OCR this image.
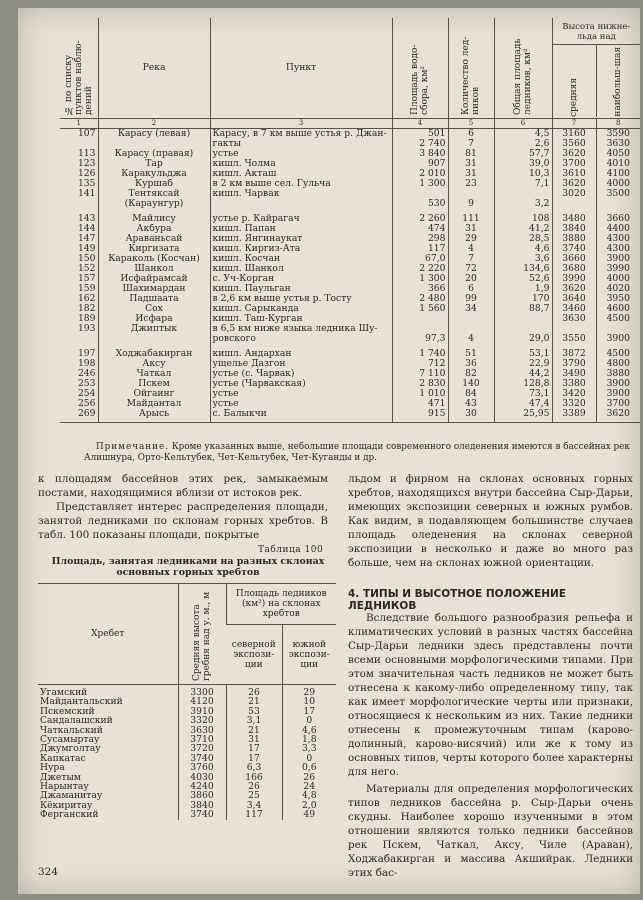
№ по списку пунктов наблю-дений	Река	Пункт	Площадь водо-сбора, км²	Количество лед-ников	Общая площадь ледников, км²	Высота нижне-льда над
средняя наибольш-шая	

1	2	3	4	5	6	7	8
107	Карасу (левая)	Карасу, в 7 км выше устья р. Джан-	501	6	4,5	3160	3590
		гакты	2 740	7	2,6	3560	3630
113	Карасу (правая)	устье	3 840	81	57,7	3620	4050
123	Тар	кишл. Чолма	907	31	39,0	3700	4010
126	Каракульджа	кишл. Акташ	2 010	31	10,3	3610	4100
135	Куршаб	в 2 км выше сел. Гульча	1 300	23	7,1	3620	4000
141	Тентяксай	кишл. Чарвак				3020	3500
	(Караунгур)		530	9	3,2		
143	Майлису	устье р. Кайрагач	2 260	111	108	3480	3660
144	Акбура	кишл. Папан	474	31	41,2	3840	4400
147	Араваньсай	кишл. Янгинаукат	298	29	28,5	3880	4300
149	Киргизата	кишл. Киргиз-Ата	117	4	4,6	3740	4300
150	Караколь (Косчан)	кишл. Косчан	67,0	7	3,6	3660	3900
152	Шанкол	кишл. Шанкол	2 220	72	134,6	3680	3990
157	Исфайрамсай	с. Уч-Корган	1 300	20	52,6	3990	4000
159	Шахимардан	кишл. Паульган	366	6	1,9	3620	4020
162	Падшаата	в 2,6 км выше устья р. Тосту	2 480	99	170	3640	3950
182	Сох	кишл. Сарыканда	1 560	34	88,7	3460	4600
189	Исфара	кишл. Таш-Курган				3630	4500
193	Джиптык	в 6,5 км ниже языка ледника Шу-					
		ровского	97,3	4	29,0	3550	3900
197	Ходжабакирган	кишл. Андархан	1 740	51	53,1	3872	4500
198	Аксу	ущелье Дазгон	712	36	22,9	3790	4800
246	Чаткал	устье (с. Чарвак)	7 110	82	44,2	3490	3880
253	Пскем	устье (Чарвакская)	2 830	140	128,8	3380	3900
254	Ойгаинг	устье	1 010	84	73,1	3420	3900
256	Майдантал	устье	471	43	47,4	3320	3700
269	Арысь	с. Балыкчи	915	30	25,95	3389	3620
Примечание. Кроме указанных выше, небольшие площади современного оледенения имеются в бассейнах рек Алишнура, Орто-Кельтубек, Чет-Кельтубек, Чет-Куганды и др.

к площадям бассейнов этих рек, замыкаемым постами, находящимися вблизи от истоков рек.

Представляет интерес распределения площади, занятой ледниками по склонам горных хребтов. В табл. 100 показаны площади, покрытые

Таблица 100
Площадь, занятая ледниками на разных склонах основных горных хребтов
Хребет	Средняя высота гребня над у. м., м	Площадь ледников (км²) на склонах хребтов	
		северной экспози-ции	южной экспози-ции
Угамский	3300	26	29
Майдантальский	4120	21	10
Пскемский	3910	53	17
Сандалашский	3320	3,1	0
Чаткальский	3630	21	4,6
Сусамыртау	3710	31	1,8
Джумголтау	3720	17	3,3
Капкатас	3740	17	0
Нура	3760	6,3	0,6
Джетым	4030	166	26
Нарынтау	4240	26	24
Джаманитау	3860	25	4,8
Кёкиритау	3840	3,4	2,0
Ферганский	3740	117	49

льдом и фирном на склонах основных горных хребтов, находящихся внутри бассейна Сыр-Дарьи, имеющих экспозиции северных и южных румбов. Как видим, в подавляющем большинстве случаев площадь оледенения на склонах северной экспозиции в несколько и даже во много раз больше, чем на склонах южной ориентации.

4. ТИПЫ И ВЫСОТНОЕ ПОЛОЖЕНИЕ ЛЕДНИКОВ

Вследствие большого разнообразия рельефа и климатических условий в разных частях бассейна Сыр-Дарьи ледники здесь представлены почти всеми основными морфологическими типами. При этом значительная часть ледников не может быть отнесена к какому-либо определенному типу, так как имеет морфологические черты или признаки, относящиеся к нескольким из них. Такие ледники отнесены к промежуточным типам (карово-долинный, карово-висячий) или же к тому из основных типов, черты которого более характерны для него.

Материалы для определения морфологических типов ледников бассейна р. Сыр-Дарьи очень скудны. Наиболее хорошо изученными в этом отношении являются только ледники бассейнов рек Пскем, Чаткал, Аксу, Чиле (Араван), Ходжабакирган и массива Акшийрак. Ледники этих бас-

324
